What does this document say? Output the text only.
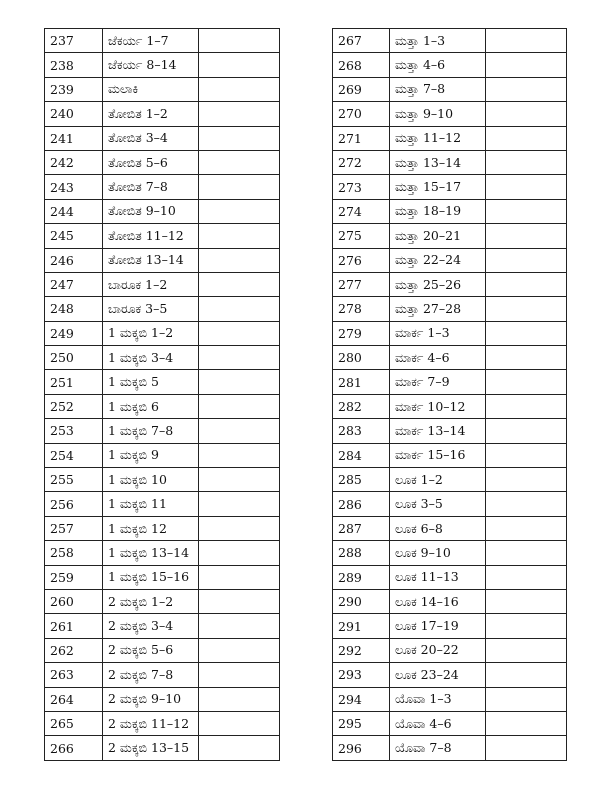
237	ಜೆಕರ್ಯ 1–7	
238	ಜೆಕರ್ಯ 8–14	
239	ಮಲಾಕಿ	
240	ತೋಬಿತ 1–2	
241	ತೋಬಿತ 3–4	
242	ತೋಬಿತ 5–6	
243	ತೋಬಿತ 7–8	
244	ತೋಬಿತ 9–10	
245	ತೋಬಿತ 11–12	
246	ತೋಬಿತ 13–14	
247	ಬಾರೂಕ 1–2	
248	ಬಾರೂಕ 3–5	
249	1 ಮಕ್ಕಬಿ 1–2	
250	1 ಮಕ್ಕಬಿ 3–4	
251	1 ಮಕ್ಕಬಿ 5	
252	1 ಮಕ್ಕಬಿ 6	
253	1 ಮಕ್ಕಬಿ 7–8	
254	1 ಮಕ್ಕಬಿ 9	
255	1 ಮಕ್ಕಬಿ 10	
256	1 ಮಕ್ಕಬಿ 11	
257	1 ಮಕ್ಕಬಿ 12	
258	1 ಮಕ್ಕಬಿ 13–14	
259	1 ಮಕ್ಕಬಿ 15–16	
260	2 ಮಕ್ಕಬಿ 1–2	
261	2 ಮಕ್ಕಬಿ 3–4	
262	2 ಮಕ್ಕಬಿ 5–6	
263	2 ಮಕ್ಕಬಿ 7–8	
264	2 ಮಕ್ಕಬಿ 9–10	
265	2 ಮಕ್ಕಬಿ 11–12	
266	2 ಮಕ್ಕಬಿ 13–15	
267	ಮತ್ತಾ 1–3	
268	ಮತ್ತಾ 4–6	
269	ಮತ್ತಾ 7–8	
270	ಮತ್ತಾ 9–10	
271	ಮತ್ತಾ 11–12	
272	ಮತ್ತಾ 13–14	
273	ಮತ್ತಾ 15–17	
274	ಮತ್ತಾ 18–19	
275	ಮತ್ತಾ 20–21	
276	ಮತ್ತಾ 22–24	
277	ಮತ್ತಾ 25–26	
278	ಮತ್ತಾ 27–28	
279	ಮಾರ್ಕ 1–3	
280	ಮಾರ್ಕ 4–6	
281	ಮಾರ್ಕ 7–9	
282	ಮಾರ್ಕ 10–12	
283	ಮಾರ್ಕ 13–14	
284	ಮಾರ್ಕ 15–16	
285	ಲೂಕ 1–2	
286	ಲೂಕ 3–5	
287	ಲೂಕ 6–8	
288	ಲೂಕ 9–10	
289	ಲೂಕ 11–13	
290	ಲೂಕ 14–16	
291	ಲೂಕ 17–19	
292	ಲೂಕ 20–22	
293	ಲೂಕ 23–24	
294	ಯೊವಾ 1–3	
295	ಯೊವಾ 4–6	
296	ಯೊವಾ 7–8	
